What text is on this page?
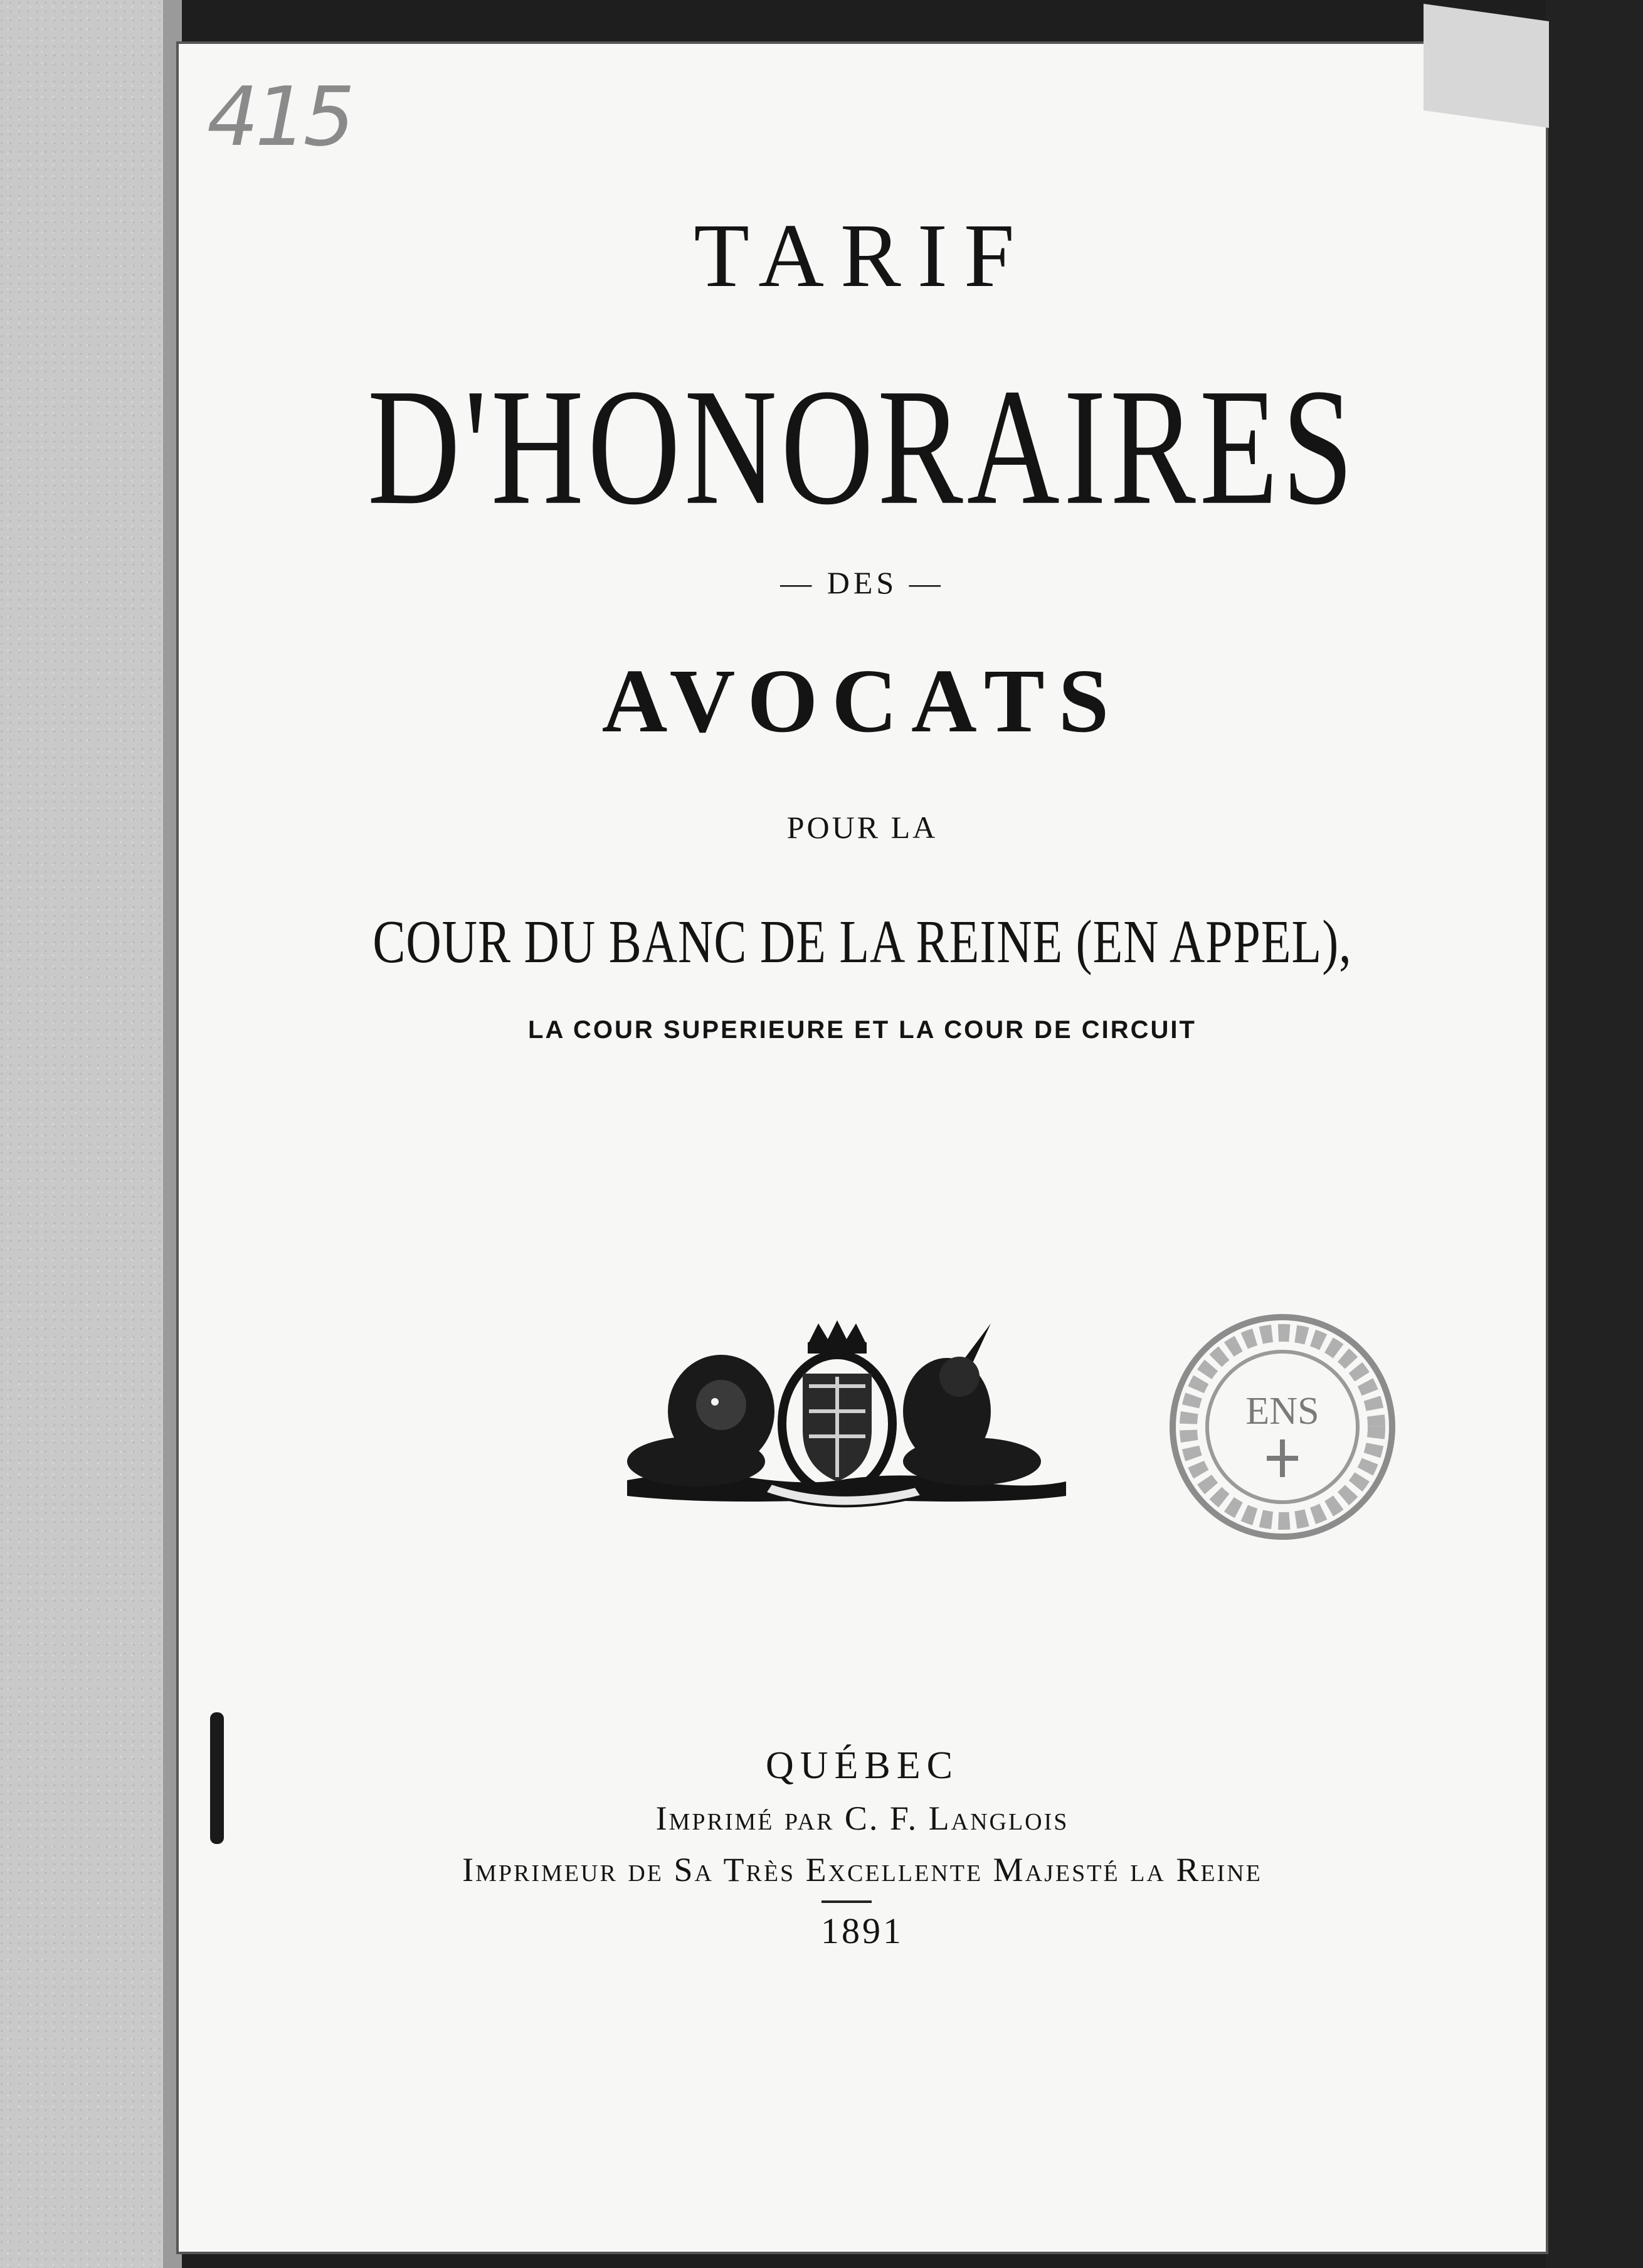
415
TARIF
D'HONORAIRES
— DES —
AVOCATS
POUR LA
COUR DU BANC DE LA REINE (EN APPEL),
LA COUR SUPERIEURE ET LA COUR DE CIRCUIT
ENS
QUÉBEC
Imprimé par C. F. Langlois
Imprimeur de Sa Très Excellente Majesté la Reine
1891
